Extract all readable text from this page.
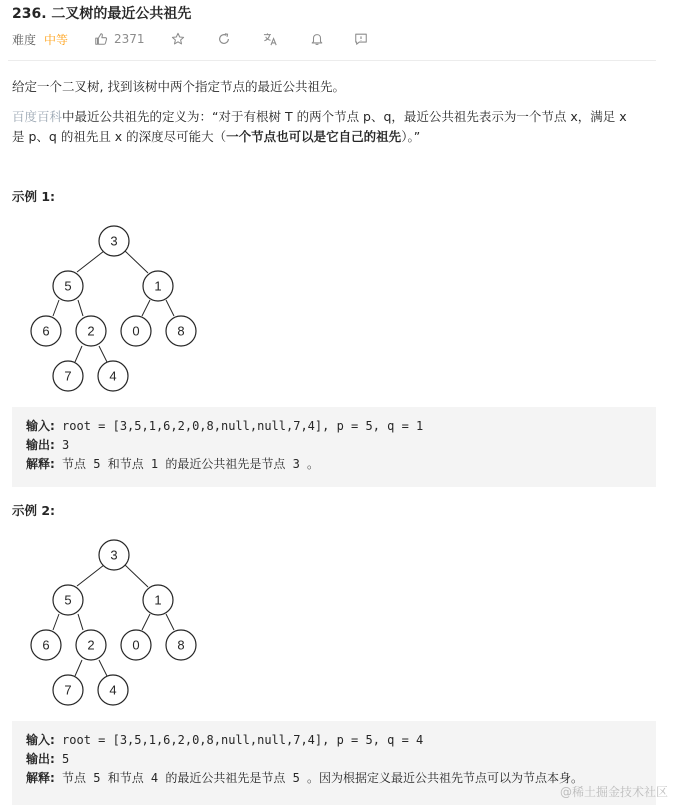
236. 二叉树的最近公共祖先
难度 中等	2371
给定一个二叉树, 找到该树中两个指定节点的最近公共祖先。
百度百科中最近公共祖先的定义为：“对于有根树 T 的两个节点 p、q，最近公共祖先表示为一个节点 x，满足 x
是 p、q 的祖先且 x 的深度尽可能大（一个节点也可以是它自己的祖先）。”
示例 1:
3
5	1
6	2	0	8
7	4
输入: root = [3,5,1,6,2,0,8,null,null,7,4], p = 5, q = 1
输出: 3
解释: 节点 5 和节点 1 的最近公共祖先是节点 3 。
示例 2:
3
5	1
6	2	0	8
7	4
输入: root = [3,5,1,6,2,0,8,null,null,7,4], p = 5, q = 4
输出: 5
解释: 节点 5 和节点 4 的最近公共祖先是节点 5 。因为根据定义最近公共祖先节点可以为节点本身。
@稀土掘金技术社区
